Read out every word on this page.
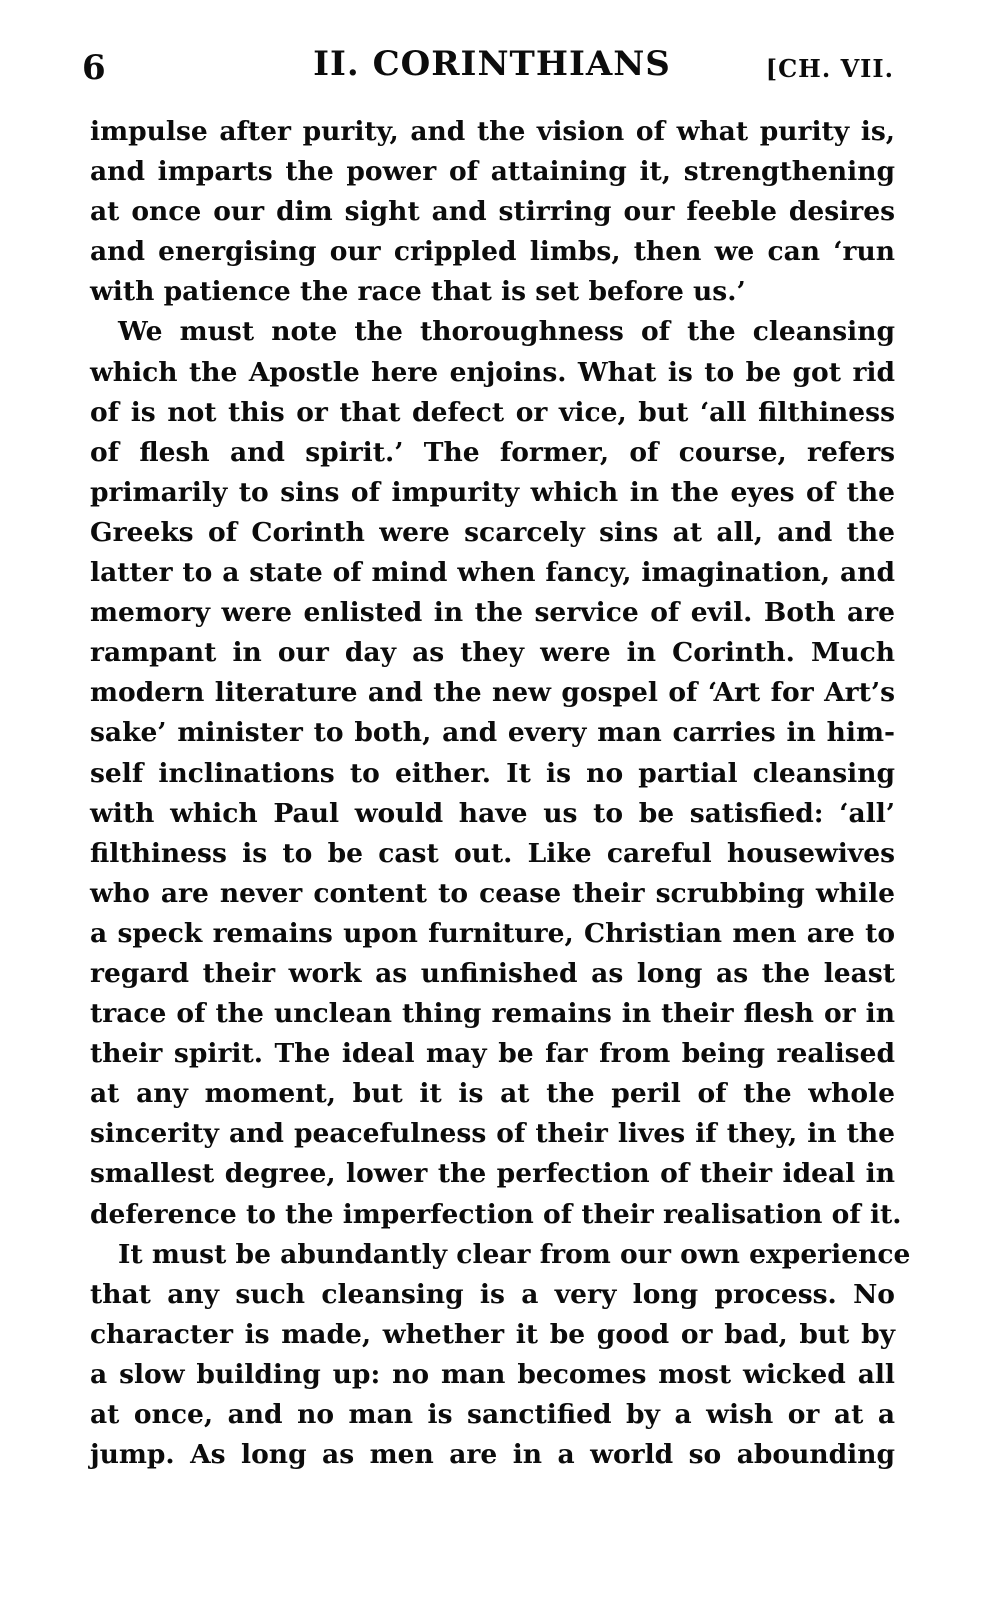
6	II. CORINTHIANS	[CH. VII.
impulse after purity, and the vision of what purity is,
and imparts the power of attaining it, strengthening
at once our dim sight and stirring our feeble desires
and energising our crippled limbs, then we can ‘run
with patience the race that is set before us.’
We must note the thoroughness of the cleansing
which the Apostle here enjoins. What is to be got rid
of is not this or that defect or vice, but ‘all filthiness
of flesh and spirit.’ The former, of course, refers
primarily to sins of impurity which in the eyes of the
Greeks of Corinth were scarcely sins at all, and the
latter to a state of mind when fancy, imagination, and
memory were enlisted in the service of evil. Both are
rampant in our day as they were in Corinth. Much
modern literature and the new gospel of ‘Art for Art’s
sake’ minister to both, and every man carries in him-
self inclinations to either. It is no partial cleansing
with which Paul would have us to be satisfied: ‘all’
filthiness is to be cast out. Like careful housewives
who are never content to cease their scrubbing while
a speck remains upon furniture, Christian men are to
regard their work as unfinished as long as the least
trace of the unclean thing remains in their flesh or in
their spirit. The ideal may be far from being realised
at any moment, but it is at the peril of the whole
sincerity and peacefulness of their lives if they, in the
smallest degree, lower the perfection of their ideal in
deference to the imperfection of their realisation of it.
It must be abundantly clear from our own experience
that any such cleansing is a very long process. No
character is made, whether it be good or bad, but by
a slow building up: no man becomes most wicked all
at once, and no man is sanctified by a wish or at a
jump. As long as men are in a world so abounding
